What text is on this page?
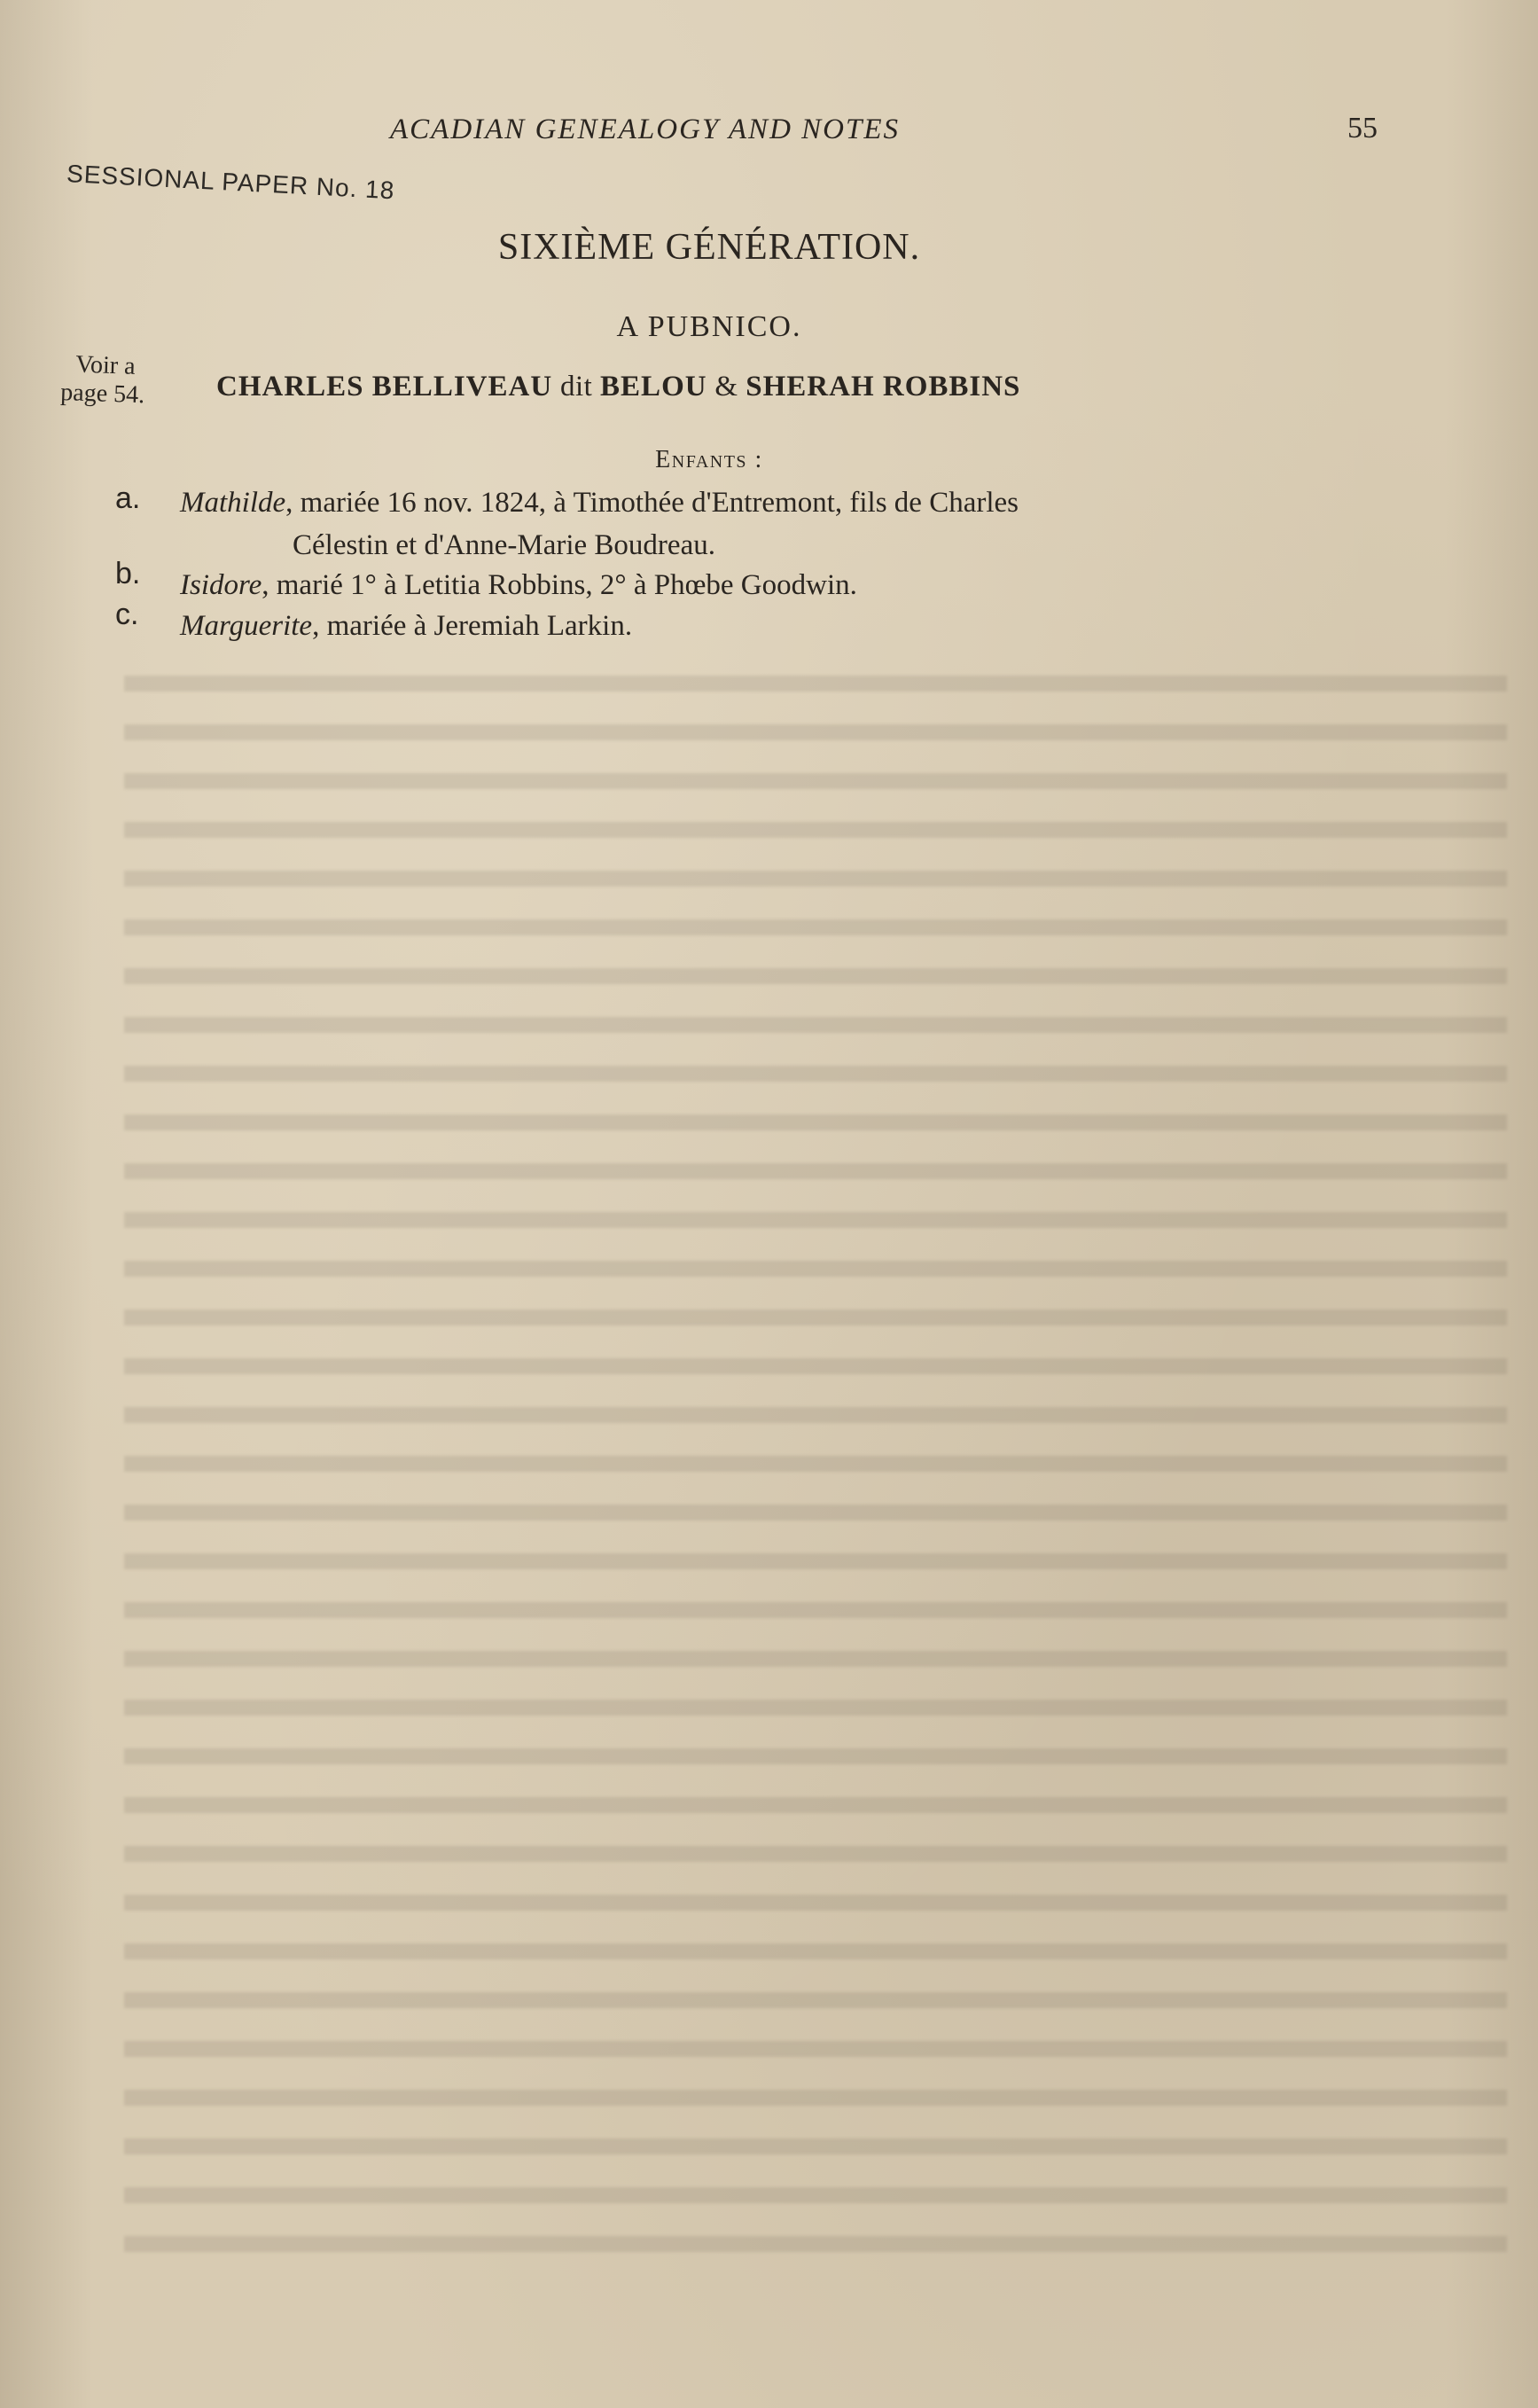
ACADIAN GENEALOGY AND NOTES	55
SESSIONAL PAPER No. 18
SIXIÈME GÉNÉRATION.
A PUBNICO.
Voir a
page 54. CHARLES BELLIVEAU dit BELOU & SHERAH ROBBINS
Enfants :
a. Mathilde, mariée 16 nov. 1824, à Timothée d'Entremont, fils de Charles
Célestin et d'Anne-Marie Boudreau.
b. Isidore, marié 1° à Letitia Robbins, 2° à Phœbe Goodwin.
c. Marguerite, mariée à Jeremiah Larkin.
